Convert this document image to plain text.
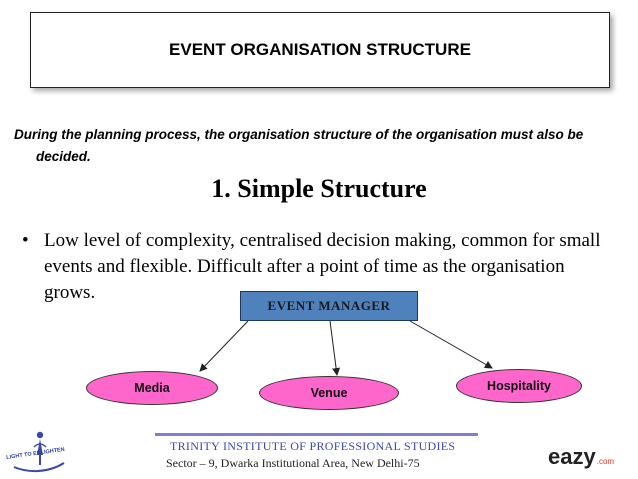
EVENT ORGANISATION STRUCTURE
During the planning process, the organisation structure of the organisation must also be decided.
1. Simple Structure
• Low level of complexity, centralised decision making, common for small events and flexible. Difficult after a point of time as the organisation grows.
EVENT MANAGER
Media	Venue	Hospitality
LIGHT TO ENLIGHTEN
TRINITY INSTITUTE OF PROFESSIONAL STUDIES
Sector – 9, Dwarka Institutional Area, New Delhi-75	eazy .com
